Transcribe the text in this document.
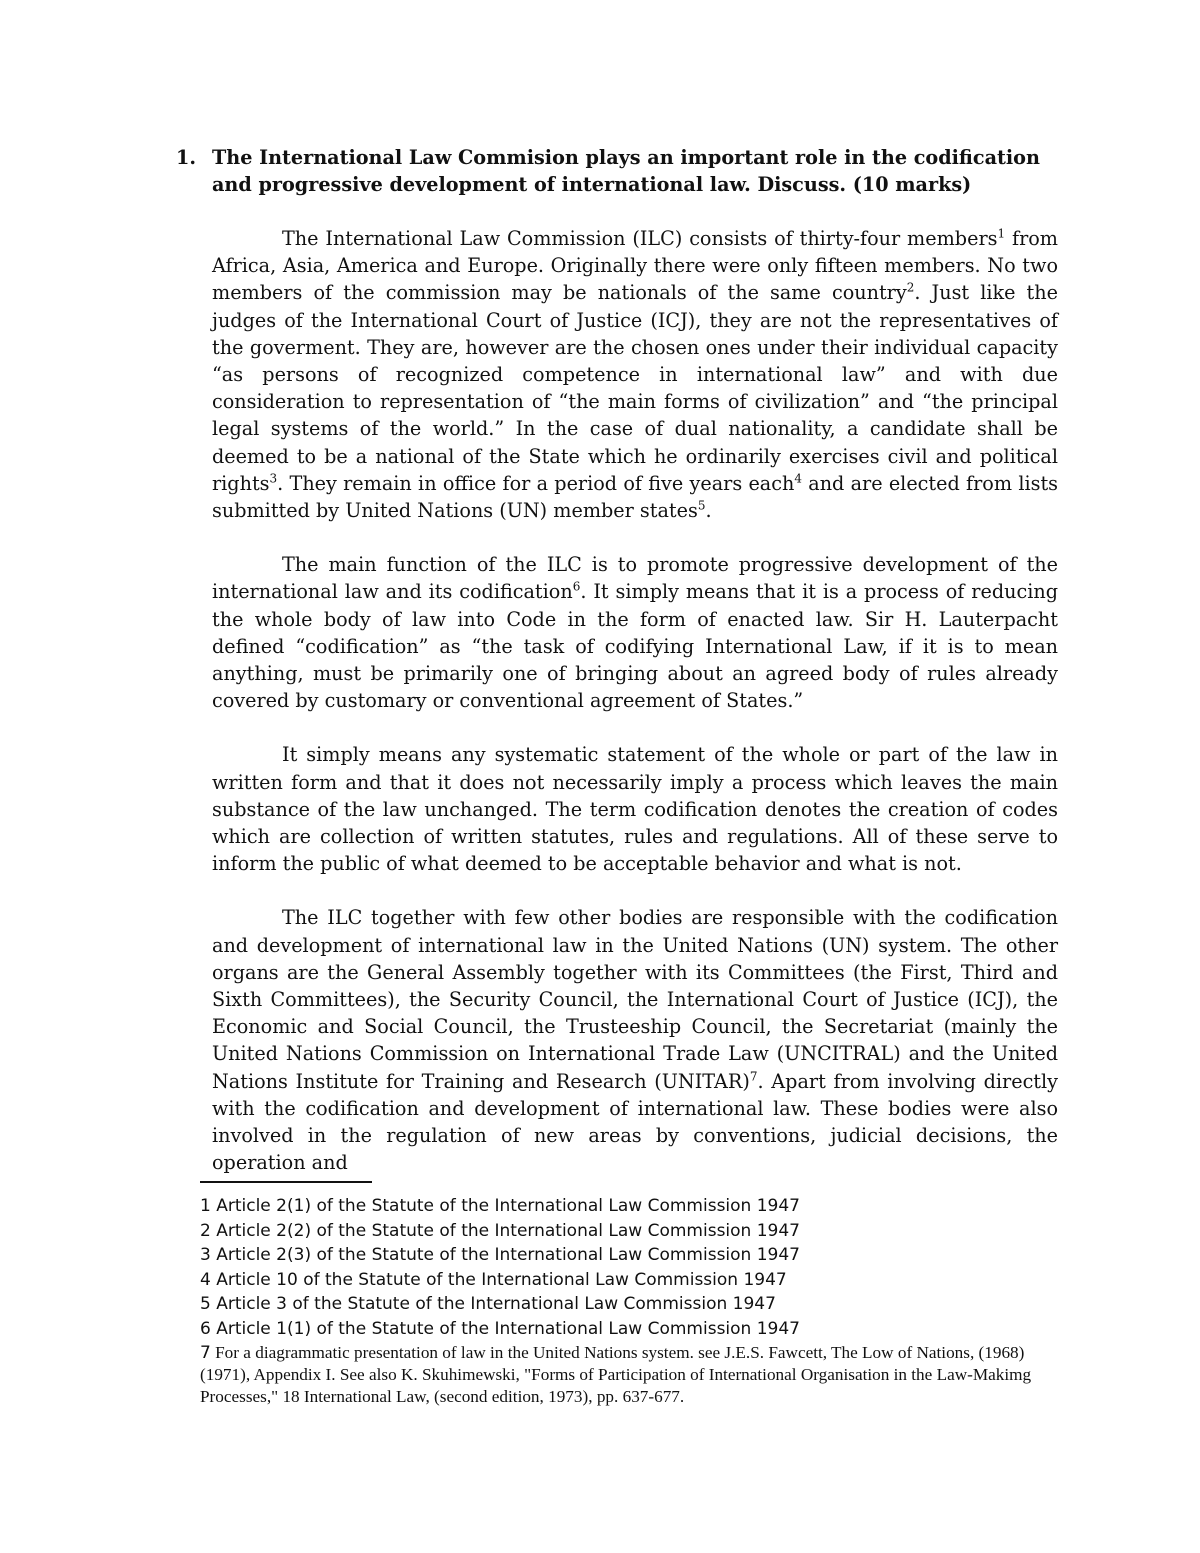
1. The International Law Commision plays an important role in the codification and progressive development of international law. Discuss. (10 marks)

The International Law Commission (ILC) consists of thirty-four members$^1$ from Africa, Asia, America and Europe. Originally there were only fifteen members. No two members of the commission may be nationals of the same country$^2$. Just like the judges of the International Court of Justice (ICJ), they are not the representatives of the goverment. They are, however are the chosen ones under their individual capacity “as persons of recognized competence in international law” and with due consideration to representation of “the main forms of civilization” and “the principal legal systems of the world.” In the case of dual nationality, a candidate shall be deemed to be a national of the State which he ordinarily exercises civil and political rights$^3$. They remain in office for a period of five years each$^4$ and are elected from lists submitted by United Nations (UN) member states$^5$.

The main function of the ILC is to promote progressive development of the international law and its codification$^6$. It simply means that it is a process of reducing the whole body of law into Code in the form of enacted law. Sir H. Lauterpacht defined “codification” as “the task of codifying International Law, if it is to mean anything, must be primarily one of bringing about an agreed body of rules already covered by customary or conventional agreement of States.”

It simply means any systematic statement of the whole or part of the law in written form and that it does not necessarily imply a process which leaves the main substance of the law unchanged. The term codification denotes the creation of codes which are collection of written statutes, rules and regulations. All of these serve to inform the public of what deemed to be acceptable behavior and what is not.

The ILC together with few other bodies are responsible with the codification and development of international law in the United Nations (UN) system. The other organs are the General Assembly together with its Committees (the First, Third and Sixth Committees), the Security Council, the International Court of Justice (ICJ), the Economic and Social Council, the Trusteeship Council, the Secretariat (mainly the United Nations Commission on International Trade Law (UNCITRAL) and the United Nations Institute for Training and Research (UNITAR)$^7$. Apart from involving directly with the codification and development of international law. These bodies were also involved in the regulation of new areas by conventions, judicial decisions, the operation and

1 Article 2(1) of the Statute of the International Law Commission 1947
2 Article 2(2) of the Statute of the International Law Commission 1947
3 Article 2(3) of the Statute of the International Law Commission 1947
4 Article 10 of the Statute of the International Law Commission 1947
5 Article 3 of the Statute of the International Law Commission 1947
6 Article 1(1) of the Statute of the International Law Commission 1947
7 For a diagrammatic presentation of law in the United Nations system. see J.E.S. Fawcett, The Low of Nations, (1968) (1971), Appendix I. See also K. Skuhimewski, "Forms of Participation of International Organisation in the Law-Makimg Processes," 18 International Law, (second edition, 1973), pp. 637-677.
